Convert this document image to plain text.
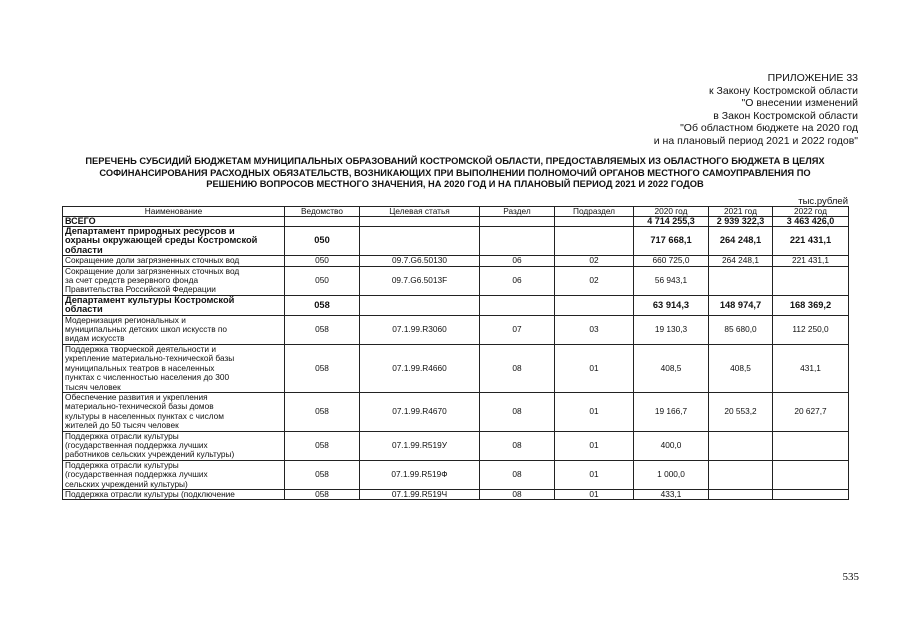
ПРИЛОЖЕНИЕ 33
к Закону Костромской области
"О внесении изменений
в Закон Костромской области
"Об областном бюджете на 2020 год
и на плановый период 2021 и 2022 годов"
ПЕРЕЧЕНЬ СУБСИДИЙ БЮДЖЕТАМ МУНИЦИПАЛЬНЫХ ОБРАЗОВАНИЙ КОСТРОМСКОЙ ОБЛАСТИ, ПРЕДОСТАВЛЯЕМЫХ ИЗ ОБЛАСТНОГО БЮДЖЕТА В ЦЕЛЯХ
СОФИНАНСИРОВАНИЯ РАСХОДНЫХ ОБЯЗАТЕЛЬСТВ, ВОЗНИКАЮЩИХ ПРИ ВЫПОЛНЕНИИ ПОЛНОМОЧИЙ ОРГАНОВ МЕСТНОГО САМОУПРАВЛЕНИЯ ПО
РЕШЕНИЮ ВОПРОСОВ МЕСТНОГО ЗНАЧЕНИЯ, НА 2020 ГОД И НА ПЛАНОВЫЙ ПЕРИОД 2021 И 2022 ГОДОВ
тыс.рублей
Наименование	Ведомство	Целевая статья	Раздел	Подраздел	2020 год	2021 год	2022 год
ВСЕГО					4 714 255,3	2 939 322,3	3 463 426,0

Департамент природных ресурсов и
охраны окружающей среды Костромской
области	050				717 668,1	264 248,1	221 431,1

Сокращение доли загрязненных сточных вод	050	09.7.G6.50130	06	02	660 725,0	264 248,1	221 431,1

Сокращение доли загрязненных сточных вод
за счет средств резервного фонда
Правительства Российской Федерации	050	09.7.G6.5013F	06	02	56 943,1		

Департамент культуры Костромской
области	058				63 914,3	148 974,7	168 369,2

Модернизация региональных и
муниципальных детских школ искусств по
видам искусств	058	07.1.99.R3060	07	03	19 130,3	85 680,0	112 250,0

Поддержка творческой деятельности и
укрепление материально-технической базы
муниципальных театров в населенных
пунктах с численностью населения до 300
тысяч человек	058	07.1.99.R4660	08	01	408,5	408,5	431,1

Обеспечение развития и укрепления
материально-технической базы домов
культуры в населенных пунктах с числом
жителей до 50 тысяч человек	058	07.1.99.R4670	08	01	19 166,7	20 553,2	20 627,7

Поддержка отрасли культуры
(государственная поддержка лучших
работников сельских учреждений культуры)	058	07.1.99.R519У	08	01	400,0		

Поддержка отрасли культуры
(государственная поддержка лучших
сельских учреждений культуры)	058	07.1.99.R519Ф	08	01	1 000,0		

Поддержка отрасли культуры (подключение	058	07.1.99.R519Ч	08	01	433,1		
535
